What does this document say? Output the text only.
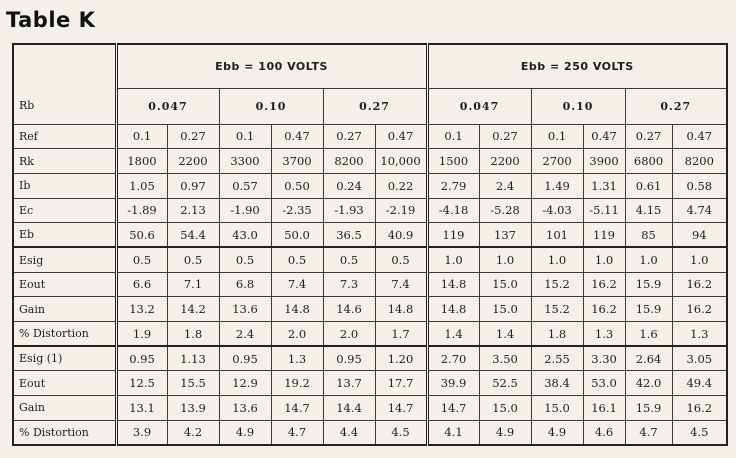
Table K
	Ebb = 100 VOLTS						Ebb = 250 VOLTS					
Rb	0.047		0.10		0.27		0.047		0.10		0.27	
Ref	0.1	0.27	0.1	0.47	0.27	0.47	0.1	0.27	0.1	0.47	0.27	0.47
Rk	1800	2200	3300	3700	8200	10,000	1500	2200	2700	3900	6800	8200
Ib	1.05	0.97	0.57	0.50	0.24	0.22	2.79	2.4	1.49	1.31	0.61	0.58
Ec	-1.89	2.13	-1.90	-2.35	-1.93	-2.19	-4.18	-5.28	-4.03	-5.11	4.15	4.74
Eb	50.6	54.4	43.0	50.0	36.5	40.9	119	137	101	119	85	94
Esig	0.5	0.5	0.5	0.5	0.5	0.5	1.0	1.0	1.0	1.0	1.0	1.0
Eout	6.6	7.1	6.8	7.4	7.3	7.4	14.8	15.0	15.2	16.2	15.9	16.2
Gain	13.2	14.2	13.6	14.8	14.6	14.8	14.8	15.0	15.2	16.2	15.9	16.2
% Distortion	1.9	1.8	2.4	2.0	2.0	1.7	1.4	1.4	1.8	1.3	1.6	1.3
Esig (1)	0.95	1.13	0.95	1.3	0.95	1.20	2.70	3.50	2.55	3.30	2.64	3.05
Eout	12.5	15.5	12.9	19.2	13.7	17.7	39.9	52.5	38.4	53.0	42.0	49.4
Gain	13.1	13.9	13.6	14.7	14.4	14.7	14.7	15.0	15.0	16.1	15.9	16.2
% Distortion	3.9	4.2	4.9	4.7	4.4	4.5	4.1	4.9	4.9	4.6	4.7	4.5
